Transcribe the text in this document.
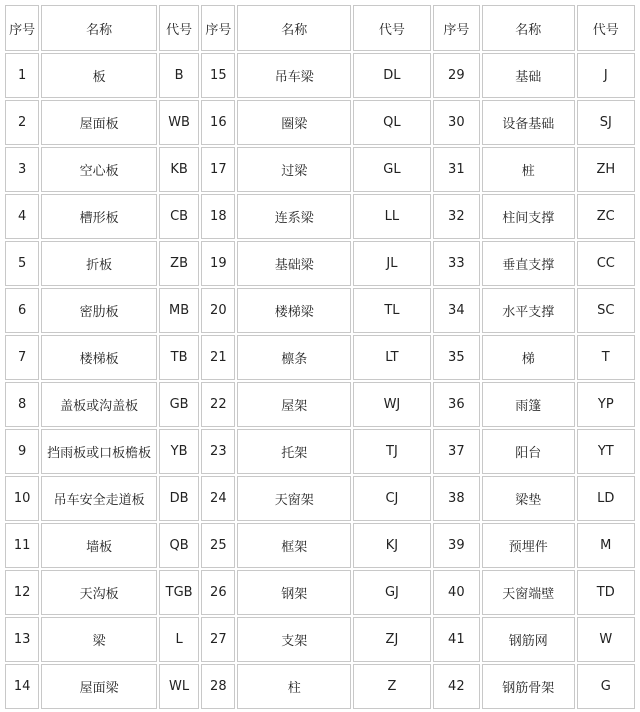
序号	名称	代号	序号	名称	代号	序号	名称	代号
1	板	B	15	吊车梁	DL	29	基础	J
2	屋面板	WB	16	圈梁	QL	30	设备基础	SJ
3	空心板	KB	17	过梁	GL	31	桩	ZH
4	槽形板	CB	18	连系梁	LL	32	柱间支撑	ZC
5	折板	ZB	19	基础梁	JL	33	垂直支撑	CC
6	密肋板	MB	20	楼梯梁	TL	34	水平支撑	SC
7	楼梯板	TB	21	檩条	LT	35	梯	T
8	盖板或沟盖板	GB	22	屋架	WJ	36	雨篷	YP
9	挡雨板或口板檐板	YB	23	托架	TJ	37	阳台	YT
10	吊车安全走道板	DB	24	天窗架	CJ	38	梁垫	LD
11	墙板	QB	25	框架	KJ	39	预埋件	M
12	天沟板	TGB	26	钢架	GJ	40	天窗端壁	TD
13	梁	L	27	支架	ZJ	41	钢筋网	W
14	屋面梁	WL	28	柱	Z	42	钢筋骨架	G
